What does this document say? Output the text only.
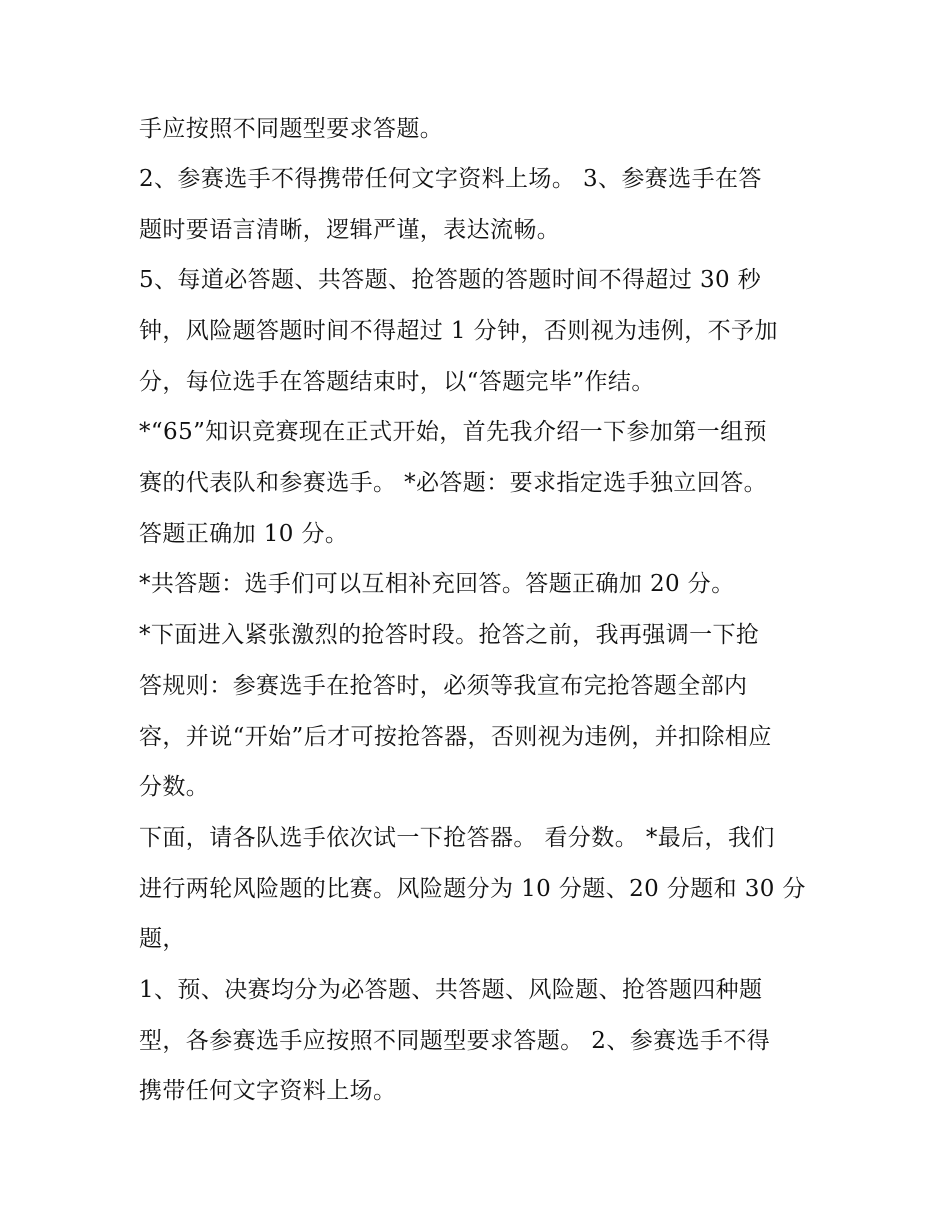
手应按照不同题型要求答题。
2、参赛选手不得携带任何文字资料上场。 3、参赛选手在答
题时要语言清晰，逻辑严谨，表达流畅。
5、每道必答题、共答题、抢答题的答题时间不得超过 30 秒
钟，风险题答题时间不得超过 1 分钟，否则视为违例，不予加
分，每位选手在答题结束时，以“答题完毕”作结。
*“65”知识竞赛现在正式开始，首先我介绍一下参加第一组预
赛的代表队和参赛选手。 *必答题：要求指定选手独立回答。
答题正确加 10 分。
*共答题：选手们可以互相补充回答。答题正确加 20 分。
*下面进入紧张激烈的抢答时段。抢答之前，我再强调一下抢
答规则：参赛选手在抢答时，必须等我宣布完抢答题全部内
容，并说“开始”后才可按抢答器，否则视为违例，并扣除相应
分数。
下面，请各队选手依次试一下抢答器。 看分数。 *最后，我们
进行两轮风险题的比赛。风险题分为 10 分题、20 分题和 30 分
题，
1、预、决赛均分为必答题、共答题、风险题、抢答题四种题
型，各参赛选手应按照不同题型要求答题。 2、参赛选手不得
携带任何文字资料上场。
